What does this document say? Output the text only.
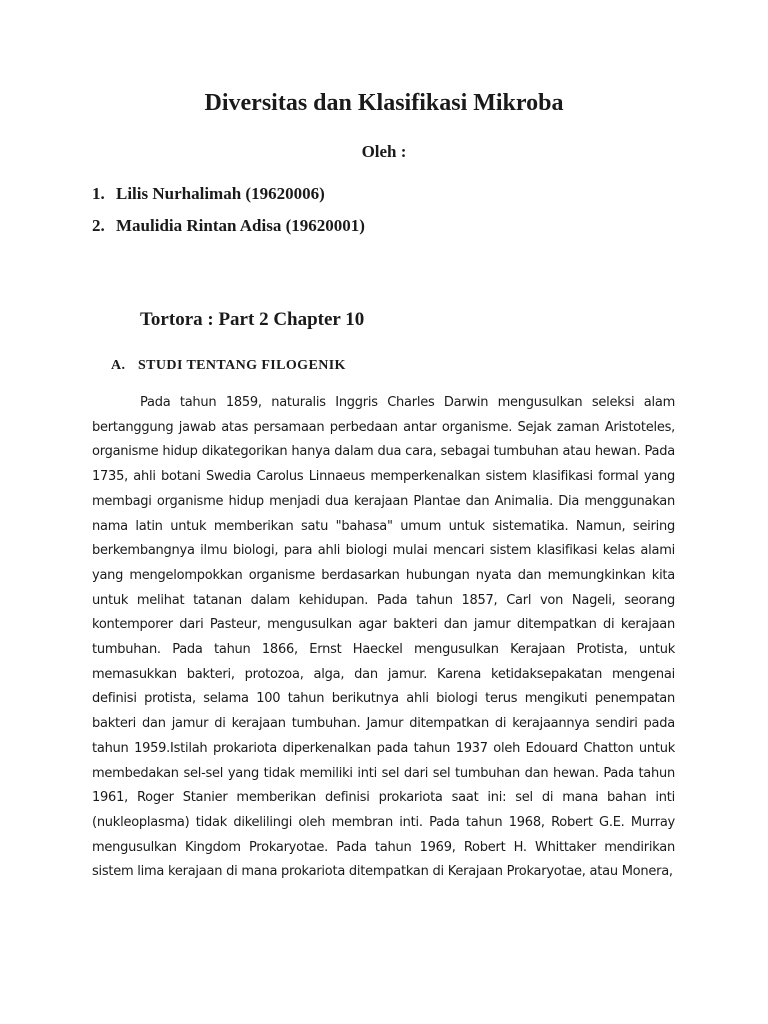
Diversitas dan Klasifikasi Mikroba

Oleh :

1. Lilis Nurhalimah (19620006)
2. Maulidia Rintan Adisa (19620001)
Tortora : Part 2 Chapter 10
A. STUDI TENTANG FILOGENIK

Pada tahun 1859, naturalis Inggris Charles Darwin mengusulkan seleksi alam bertanggung jawab atas persamaan perbedaan antar organisme. Sejak zaman Aristoteles, organisme hidup dikategorikan hanya dalam dua cara, sebagai tumbuhan atau hewan. Pada 1735, ahli botani Swedia Carolus Linnaeus memperkenalkan sistem klasifikasi formal yang membagi organisme hidup menjadi dua kerajaan Plantae dan Animalia. Dia menggunakan nama latin untuk memberikan satu "bahasa" umum untuk sistematika. Namun, seiring berkembangnya ilmu biologi, para ahli biologi mulai mencari sistem klasifikasi kelas alami yang mengelompokkan organisme berdasarkan hubungan nyata dan memungkinkan kita untuk melihat tatanan dalam kehidupan. Pada tahun 1857, Carl von Nageli, seorang kontemporer dari Pasteur, mengusulkan agar bakteri dan jamur ditempatkan di kerajaan tumbuhan. Pada tahun 1866, Ernst Haeckel mengusulkan Kerajaan Protista, untuk memasukkan bakteri, protozoa, alga, dan jamur. Karena ketidaksepakatan mengenai definisi protista, selama 100 tahun berikutnya ahli biologi terus mengikuti penempatan bakteri dan jamur di kerajaan tumbuhan. Jamur ditempatkan di kerajaannya sendiri pada tahun 1959.Istilah prokariota diperkenalkan pada tahun 1937 oleh Edouard Chatton untuk membedakan sel-sel yang tidak memiliki inti sel dari sel tumbuhan dan hewan. Pada tahun 1961, Roger Stanier memberikan definisi prokariota saat ini: sel di mana bahan inti (nukleoplasma) tidak dikelilingi oleh membran inti. Pada tahun 1968, Robert G.E. Murray mengusulkan Kingdom Prokaryotae. Pada tahun 1969, Robert H. Whittaker mendirikan sistem lima kerajaan di mana prokariota ditempatkan di Kerajaan Prokaryotae, atau Monera,
